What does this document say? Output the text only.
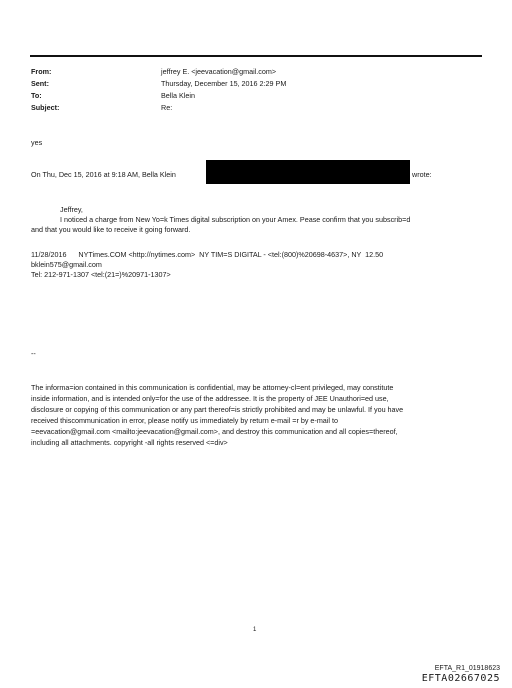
From:	jeffrey E. <jeevacation@gmail.com>
Sent:	Thursday, December 15, 2016 2:29 PM
To:	Bella Klein
Subject:	Re:
yes
On Thu, Dec 15, 2016 at 9:18 AM, Bella Klein	wrote:
Jeffrey,
I noticed a charge from New Yo=k Times digital subscription on your Amex. Pease confirm that you subscrib=d
and that you would like to receive it going forward.
11/28/2016      NYTimes.COM <http://nytimes.com>  NY TIM=S DIGITAL - <tel:(800)%20698-4637>, NY  12.50
bklein575@gmail.com
Tel: 212-971-1307 <tel:(21=)%20971-1307>
--
The informa=ion contained in this communication is confidential, may be attorney-cl=ent privileged, may constitute
inside information, and is intended only=for the use of the addressee. It is the property of JEE Unauthori=ed use,
disclosure or copying of this communication or any part thereof=is strictly prohibited and may be unlawful. If you have
received thiscommunication in error, please notify us immediately by return e-mail =r by e-mail to
=eevacation@gmail.com <mailto:jeevacation@gmail.com>, and destroy this communication and all copies=thereof,
including all attachments. copyright -all rights reserved <=div>
1
EFTA_R1_01918623
EFTA02667025
